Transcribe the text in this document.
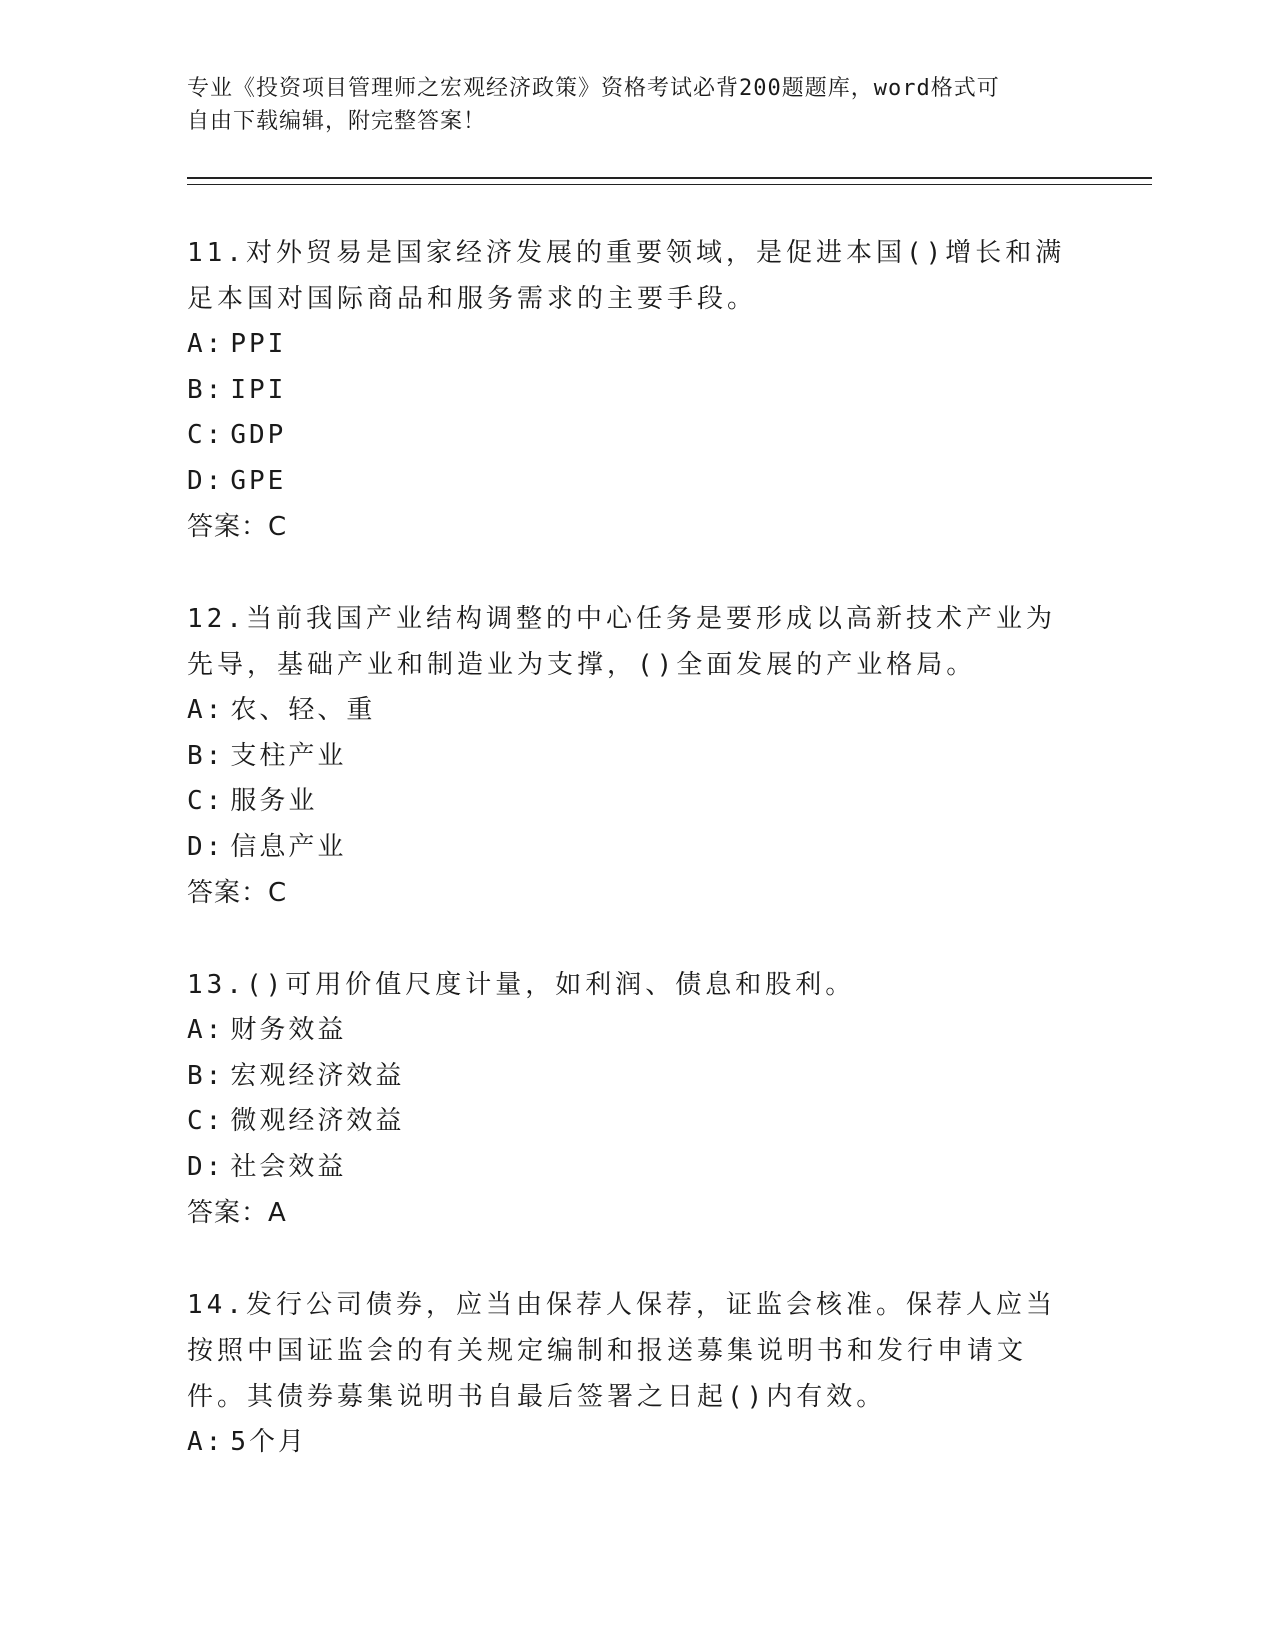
专业《投资项目管理师之宏观经济政策》资格考试必背200题题库，word格式可
自由下载编辑，附完整答案！
11.对外贸易是国家经济发展的重要领域，是促进本国()增长和满足本国对国际商品和服务需求的主要手段。
A: PPI
B: IPI
C: GDP
D: GPE
答案：C
12.当前我国产业结构调整的中心任务是要形成以高新技术产业为先导，基础产业和制造业为支撑，()全面发展的产业格局。
A: 农、轻、重
B: 支柱产业
C: 服务业
D: 信息产业
答案：C
13.()可用价值尺度计量，如利润、债息和股利。
A: 财务效益
B: 宏观经济效益
C: 微观经济效益
D: 社会效益
答案：A
14.发行公司债券，应当由保荐人保荐，证监会核准。保荐人应当按照中国证监会的有关规定编制和报送募集说明书和发行申请文件。其债券募集说明书自最后签署之日起()内有效。
A: 5个月
